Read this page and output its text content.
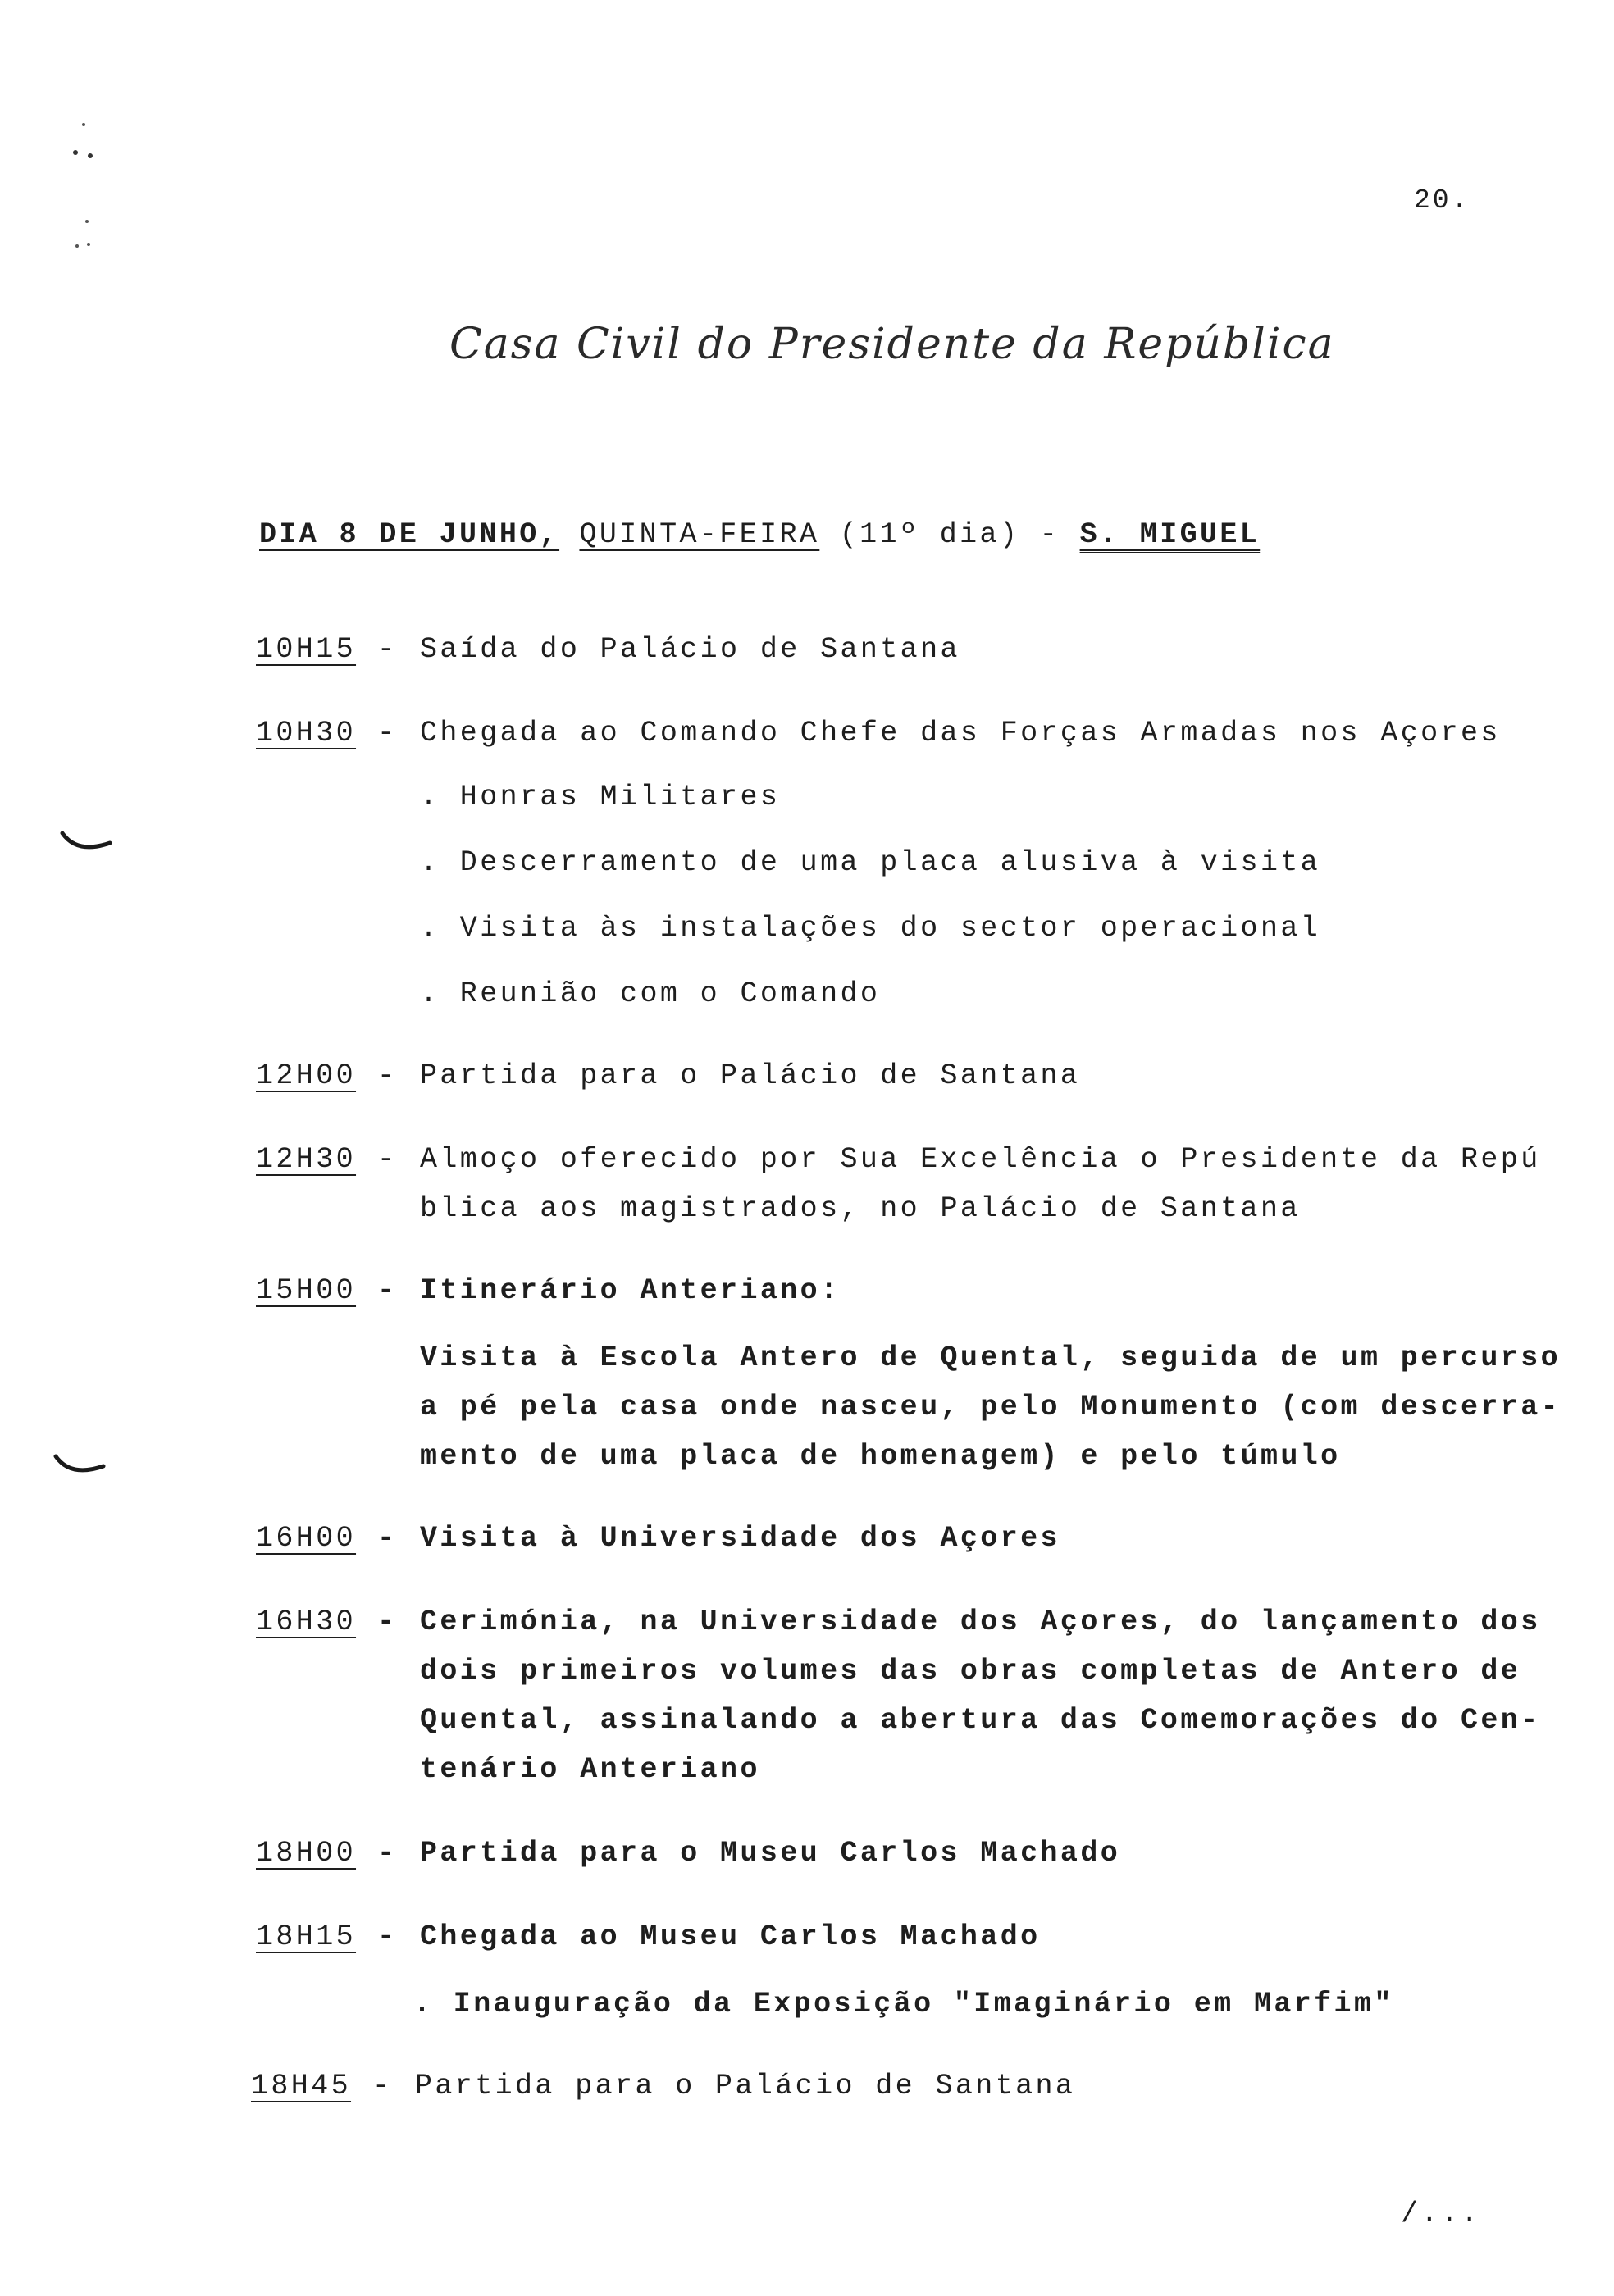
20.
Casa Civil do Presidente da República
DIA 8 DE JUNHO, QUINTA-FEIRA (11º dia) - S. MIGUEL
10H15 - Saída do Palácio de Santana
10H30 - Chegada ao Comando Chefe das Forças Armadas nos Açores
. Honras Militares
. Descerramento de uma placa alusiva à visita
. Visita às instalações do sector operacional
. Reunião com o Comando
12H00 - Partida para o Palácio de Santana
12H30 - Almoço oferecido por Sua Excelência o Presidente da Repú
blica aos magistrados, no Palácio de Santana
15H00 - Itinerário Anteriano:
Visita à Escola Antero de Quental, seguida de um percurso
a pé pela casa onde nasceu, pelo Monumento (com descerra-
mento de uma placa de homenagem) e pelo túmulo
16H00 - Visita à Universidade dos Açores
16H30 - Cerimónia, na Universidade dos Açores, do lançamento dos
dois primeiros volumes das obras completas de Antero de
Quental, assinalando a abertura das Comemorações do Cen-
tenário Anteriano
18H00 - Partida para o Museu Carlos Machado
18H15 - Chegada ao Museu Carlos Machado
. Inauguração da Exposição "Imaginário em Marfim"
18H45 - Partida para o Palácio de Santana
/...
